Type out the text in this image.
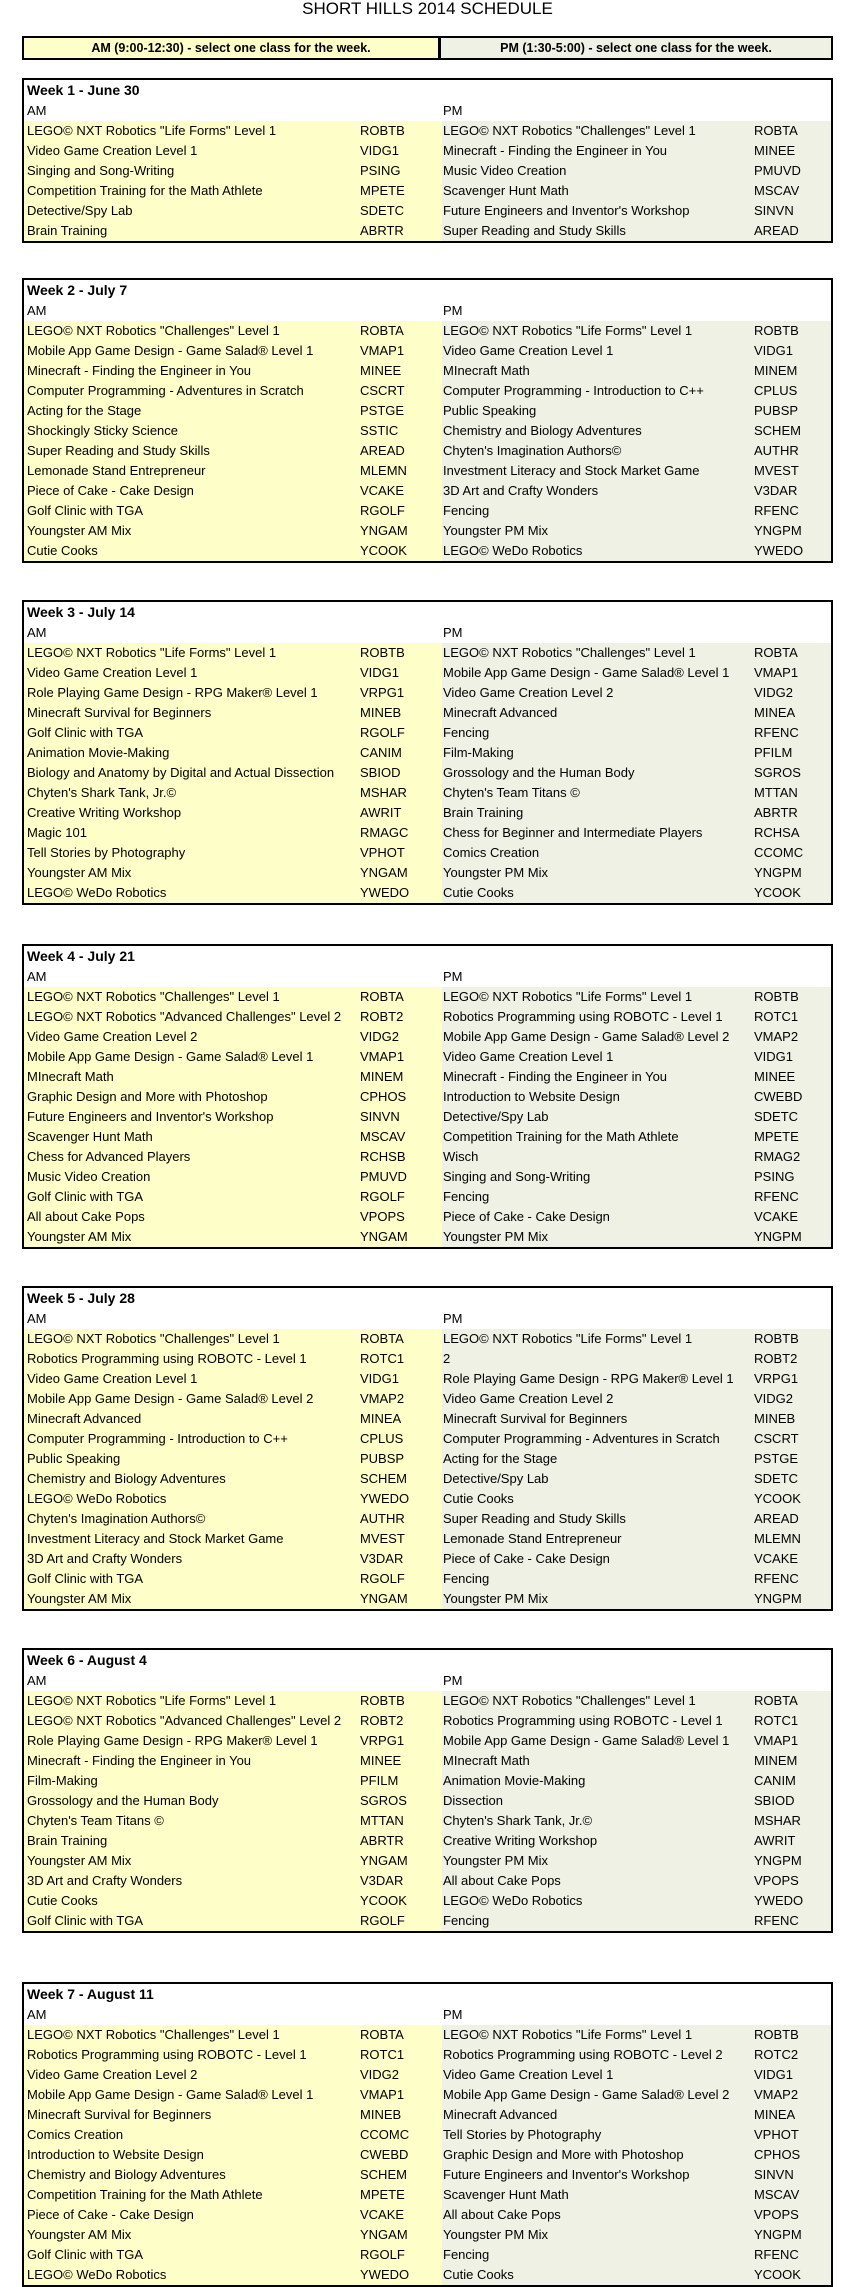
SHORT HILLS 2014 SCHEDULE
AM (9:00-12:30) - select one class for the week.	PM (1:30-5:00) - select one class for the week.
Week 1 - June 30
AM	PM
LEGO© NXT Robotics "Life Forms" Level 1	ROBTB	LEGO© NXT Robotics "Challenges" Level 1	ROBTA
Video Game Creation Level 1	VIDG1	Minecraft - Finding the Engineer in You	MINEE
Singing and Song-Writing	PSING	Music Video Creation	PMUVD
Competition Training for the Math Athlete	MPETE	Scavenger Hunt Math	MSCAV
Detective/Spy Lab	SDETC	Future Engineers and Inventor's Workshop	SINVN
Brain Training	ABRTR	Super Reading and Study Skills	AREAD
Week 2 - July 7
AM	PM
LEGO© NXT Robotics "Challenges" Level 1	ROBTA	LEGO© NXT Robotics "Life Forms" Level 1	ROBTB
Mobile App Game Design - Game Salad® Level 1	VMAP1	Video Game Creation Level 1	VIDG1
Minecraft - Finding the Engineer in You	MINEE	MInecraft Math	MINEM
Computer Programming - Adventures in Scratch	CSCRT	Computer Programming - Introduction to C++	CPLUS
Acting for the Stage	PSTGE	Public Speaking	PUBSP
Shockingly Sticky Science	SSTIC	Chemistry and Biology Adventures	SCHEM
Super Reading and Study Skills	AREAD	Chyten's Imagination Authors©	AUTHR
Lemonade Stand Entrepreneur	MLEMN	Investment Literacy and Stock Market Game	MVEST
Piece of Cake - Cake Design	VCAKE	3D Art and Crafty Wonders	V3DAR
Golf Clinic with TGA	RGOLF	Fencing	RFENC
Youngster AM Mix	YNGAM	Youngster PM Mix	YNGPM
Cutie Cooks	YCOOK	LEGO© WeDo Robotics	YWEDO
Week 3 - July 14
AM	PM
LEGO© NXT Robotics "Life Forms" Level 1	ROBTB	LEGO© NXT Robotics "Challenges" Level 1	ROBTA
Video Game Creation Level 1	VIDG1	Mobile App Game Design - Game Salad® Level 1	VMAP1
Role Playing Game Design - RPG Maker® Level 1	VRPG1	Video Game Creation Level 2	VIDG2
Minecraft Survival for Beginners	MINEB	Minecraft Advanced	MINEA
Golf Clinic with TGA	RGOLF	Fencing	RFENC
Animation Movie-Making	CANIM	Film-Making	PFILM
Biology and Anatomy by Digital and Actual Dissection	SBIOD	Grossology and the Human Body	SGROS
Chyten's Shark Tank, Jr.©	MSHAR	Chyten's Team Titans ©	MTTAN
Creative Writing Workshop	AWRIT	Brain Training	ABRTR
Magic 101	RMAGC	Chess for Beginner and Intermediate Players	RCHSA
Tell Stories by Photography	VPHOT	Comics Creation	CCOMC
Youngster AM Mix	YNGAM	Youngster PM Mix	YNGPM
LEGO© WeDo Robotics	YWEDO	Cutie Cooks	YCOOK
Week 4 - July 21
AM	PM
LEGO© NXT Robotics "Challenges" Level 1	ROBTA	LEGO© NXT Robotics "Life Forms" Level 1	ROBTB
LEGO© NXT Robotics "Advanced Challenges" Level 2	ROBT2	Robotics Programming using ROBOTC - Level 1	ROTC1
Video Game Creation Level 2	VIDG2	Mobile App Game Design - Game Salad® Level 2	VMAP2
Mobile App Game Design - Game Salad® Level 1	VMAP1	Video Game Creation Level 1	VIDG1
MInecraft Math	MINEM	Minecraft - Finding the Engineer in You	MINEE
Graphic Design and More with Photoshop	CPHOS	Introduction to Website Design	CWEBD
Future Engineers and Inventor's Workshop	SINVN	Detective/Spy Lab	SDETC
Scavenger Hunt Math	MSCAV	Competition Training for the Math Athlete	MPETE
Chess for Advanced Players	RCHSB	Wisch	RMAG2
Music Video Creation	PMUVD	Singing and Song-Writing	PSING
Golf Clinic with TGA	RGOLF	Fencing	RFENC
All about Cake Pops	VPOPS	Piece of Cake - Cake Design	VCAKE
Youngster AM Mix	YNGAM	Youngster PM Mix	YNGPM
Week 5 - July 28
AM	PM
LEGO© NXT Robotics "Challenges" Level 1	ROBTA	LEGO© NXT Robotics "Life Forms" Level 1	ROBTB
Robotics Programming using ROBOTC - Level 1	ROTC1	2	ROBT2
Video Game Creation Level 1	VIDG1	Role Playing Game Design - RPG Maker® Level 1	VRPG1
Mobile App Game Design - Game Salad® Level 2	VMAP2	Video Game Creation Level 2	VIDG2
Minecraft Advanced	MINEA	Minecraft Survival for Beginners	MINEB
Computer Programming - Introduction to C++	CPLUS	Computer Programming - Adventures in Scratch	CSCRT
Public Speaking	PUBSP	Acting for the Stage	PSTGE
Chemistry and Biology Adventures	SCHEM	Detective/Spy Lab	SDETC
LEGO© WeDo Robotics	YWEDO	Cutie Cooks	YCOOK
Chyten's Imagination Authors©	AUTHR	Super Reading and Study Skills	AREAD
Investment Literacy and Stock Market Game	MVEST	Lemonade Stand Entrepreneur	MLEMN
3D Art and Crafty Wonders	V3DAR	Piece of Cake - Cake Design	VCAKE
Golf Clinic with TGA	RGOLF	Fencing	RFENC
Youngster AM Mix	YNGAM	Youngster PM Mix	YNGPM
Week 6 - August 4
AM	PM
LEGO© NXT Robotics "Life Forms" Level 1	ROBTB	LEGO© NXT Robotics "Challenges" Level 1	ROBTA
LEGO© NXT Robotics "Advanced Challenges" Level 2	ROBT2	Robotics Programming using ROBOTC - Level 1	ROTC1
Role Playing Game Design - RPG Maker® Level 1	VRPG1	Mobile App Game Design - Game Salad® Level 1	VMAP1
Minecraft - Finding the Engineer in You	MINEE	MInecraft Math	MINEM
Film-Making	PFILM	Animation Movie-Making	CANIM
Grossology and the Human Body	SGROS	Dissection	SBIOD
Chyten's Team Titans ©	MTTAN	Chyten's Shark Tank, Jr.©	MSHAR
Brain Training	ABRTR	Creative Writing Workshop	AWRIT
Youngster AM Mix	YNGAM	Youngster PM Mix	YNGPM
3D Art and Crafty Wonders	V3DAR	All about Cake Pops	VPOPS
Cutie Cooks	YCOOK	LEGO© WeDo Robotics	YWEDO
Golf Clinic with TGA	RGOLF	Fencing	RFENC
Week 7 - August 11
AM	PM
LEGO© NXT Robotics "Challenges" Level 1	ROBTA	LEGO© NXT Robotics "Life Forms" Level 1	ROBTB
Robotics Programming using ROBOTC - Level 1	ROTC1	Robotics Programming using ROBOTC - Level 2	ROTC2
Video Game Creation Level 2	VIDG2	Video Game Creation Level 1	VIDG1
Mobile App Game Design - Game Salad® Level 1	VMAP1	Mobile App Game Design - Game Salad® Level 2	VMAP2
Minecraft Survival for Beginners	MINEB	Minecraft Advanced	MINEA
Comics Creation	CCOMC	Tell Stories by Photography	VPHOT
Introduction to Website Design	CWEBD	Graphic Design and More with Photoshop	CPHOS
Chemistry and Biology Adventures	SCHEM	Future Engineers and Inventor's Workshop	SINVN
Competition Training for the Math Athlete	MPETE	Scavenger Hunt Math	MSCAV
Piece of Cake - Cake Design	VCAKE	All about Cake Pops	VPOPS
Youngster AM Mix	YNGAM	Youngster PM Mix	YNGPM
Golf Clinic with TGA	RGOLF	Fencing	RFENC
LEGO© WeDo Robotics	YWEDO	Cutie Cooks	YCOOK
